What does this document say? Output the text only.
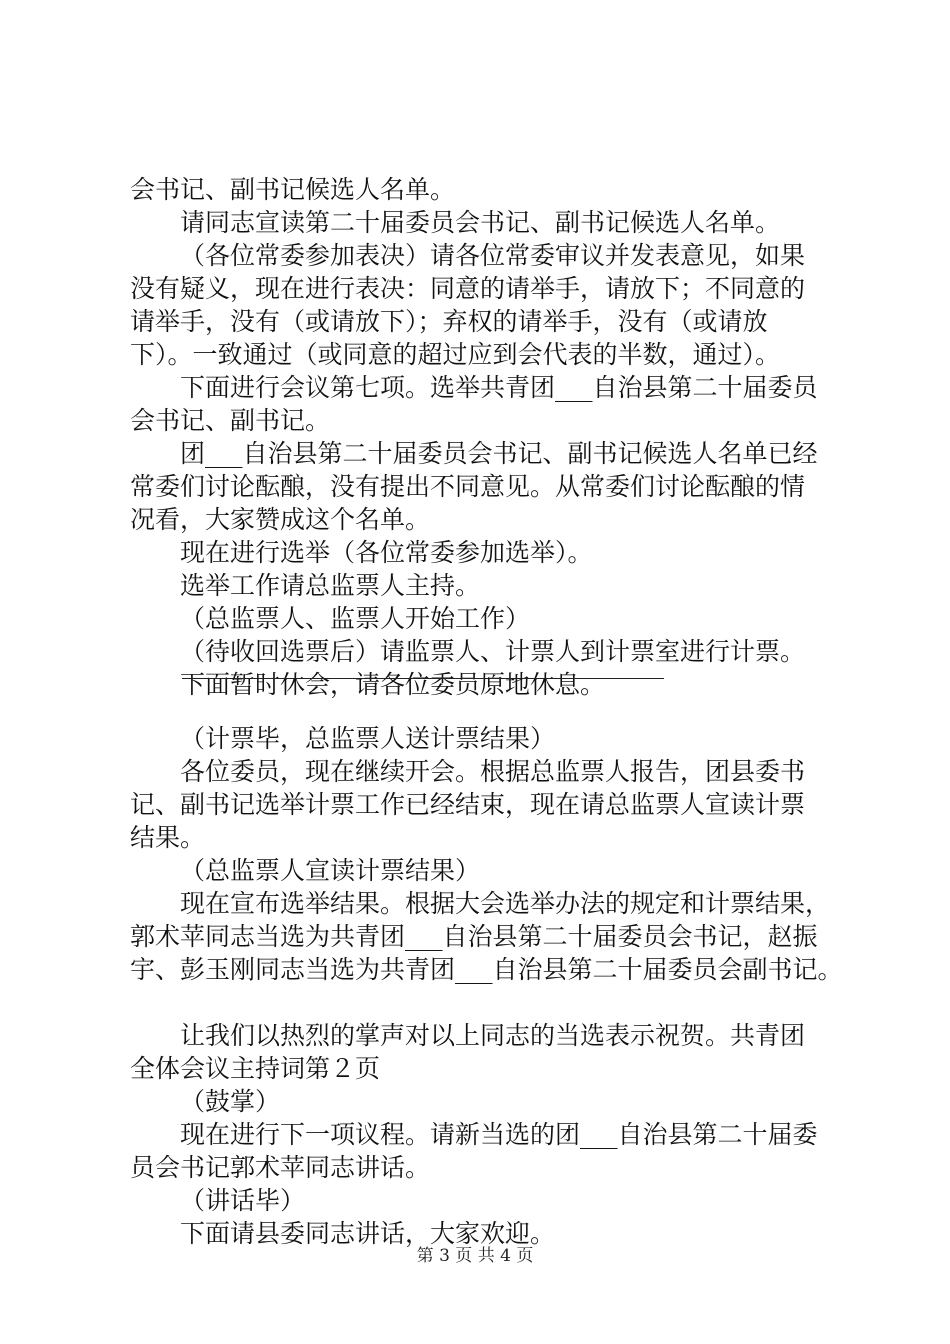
会书记、副书记候选人名单。
请同志宣读第二十届委员会书记、副书记候选人名单。
（各位常委参加表决）请各位常委审议并发表意见，如果
没有疑义，现在进行表决：同意的请举手，请放下；不同意的
请举手，没有（或请放下）；弃权的请举手，没有（或请放
下）。一致通过（或同意的超过应到会代表的半数，通过）。
下面进行会议第七项。选举共青团___自治县第二十届委员
会书记、副书记。
团___自治县第二十届委员会书记、副书记候选人名单已经
常委们讨论酝酿，没有提出不同意见。从常委们讨论酝酿的情
况看，大家赞成这个名单。
现在进行选举（各位常委参加选举）。
选举工作请总监票人主持。
（总监票人、监票人开始工作）
（待收回选票后）请监票人、计票人到计票室进行计票。
下面暂时休会，请各位委员原地休息。
（计票毕，总监票人送计票结果）
各位委员，现在继续开会。根据总监票人报告，团县委书
记、副书记选举计票工作已经结束，现在请总监票人宣读计票
结果。
（总监票人宣读计票结果）
现在宣布选举结果。根据大会选举办法的规定和计票结果，
郭术苹同志当选为共青团___自治县第二十届委员会书记，赵振
宇、彭玉刚同志当选为共青团___自治县第二十届委员会副书记。
让我们以热烈的掌声对以上同志的当选表示祝贺。共青团
全体会议主持词第２页
（鼓掌）
现在进行下一项议程。请新当选的团___自治县第二十届委
员会书记郭术苹同志讲话。
（讲话毕）
下面请县委同志讲话，大家欢迎。
第 3 页 共 4 页
